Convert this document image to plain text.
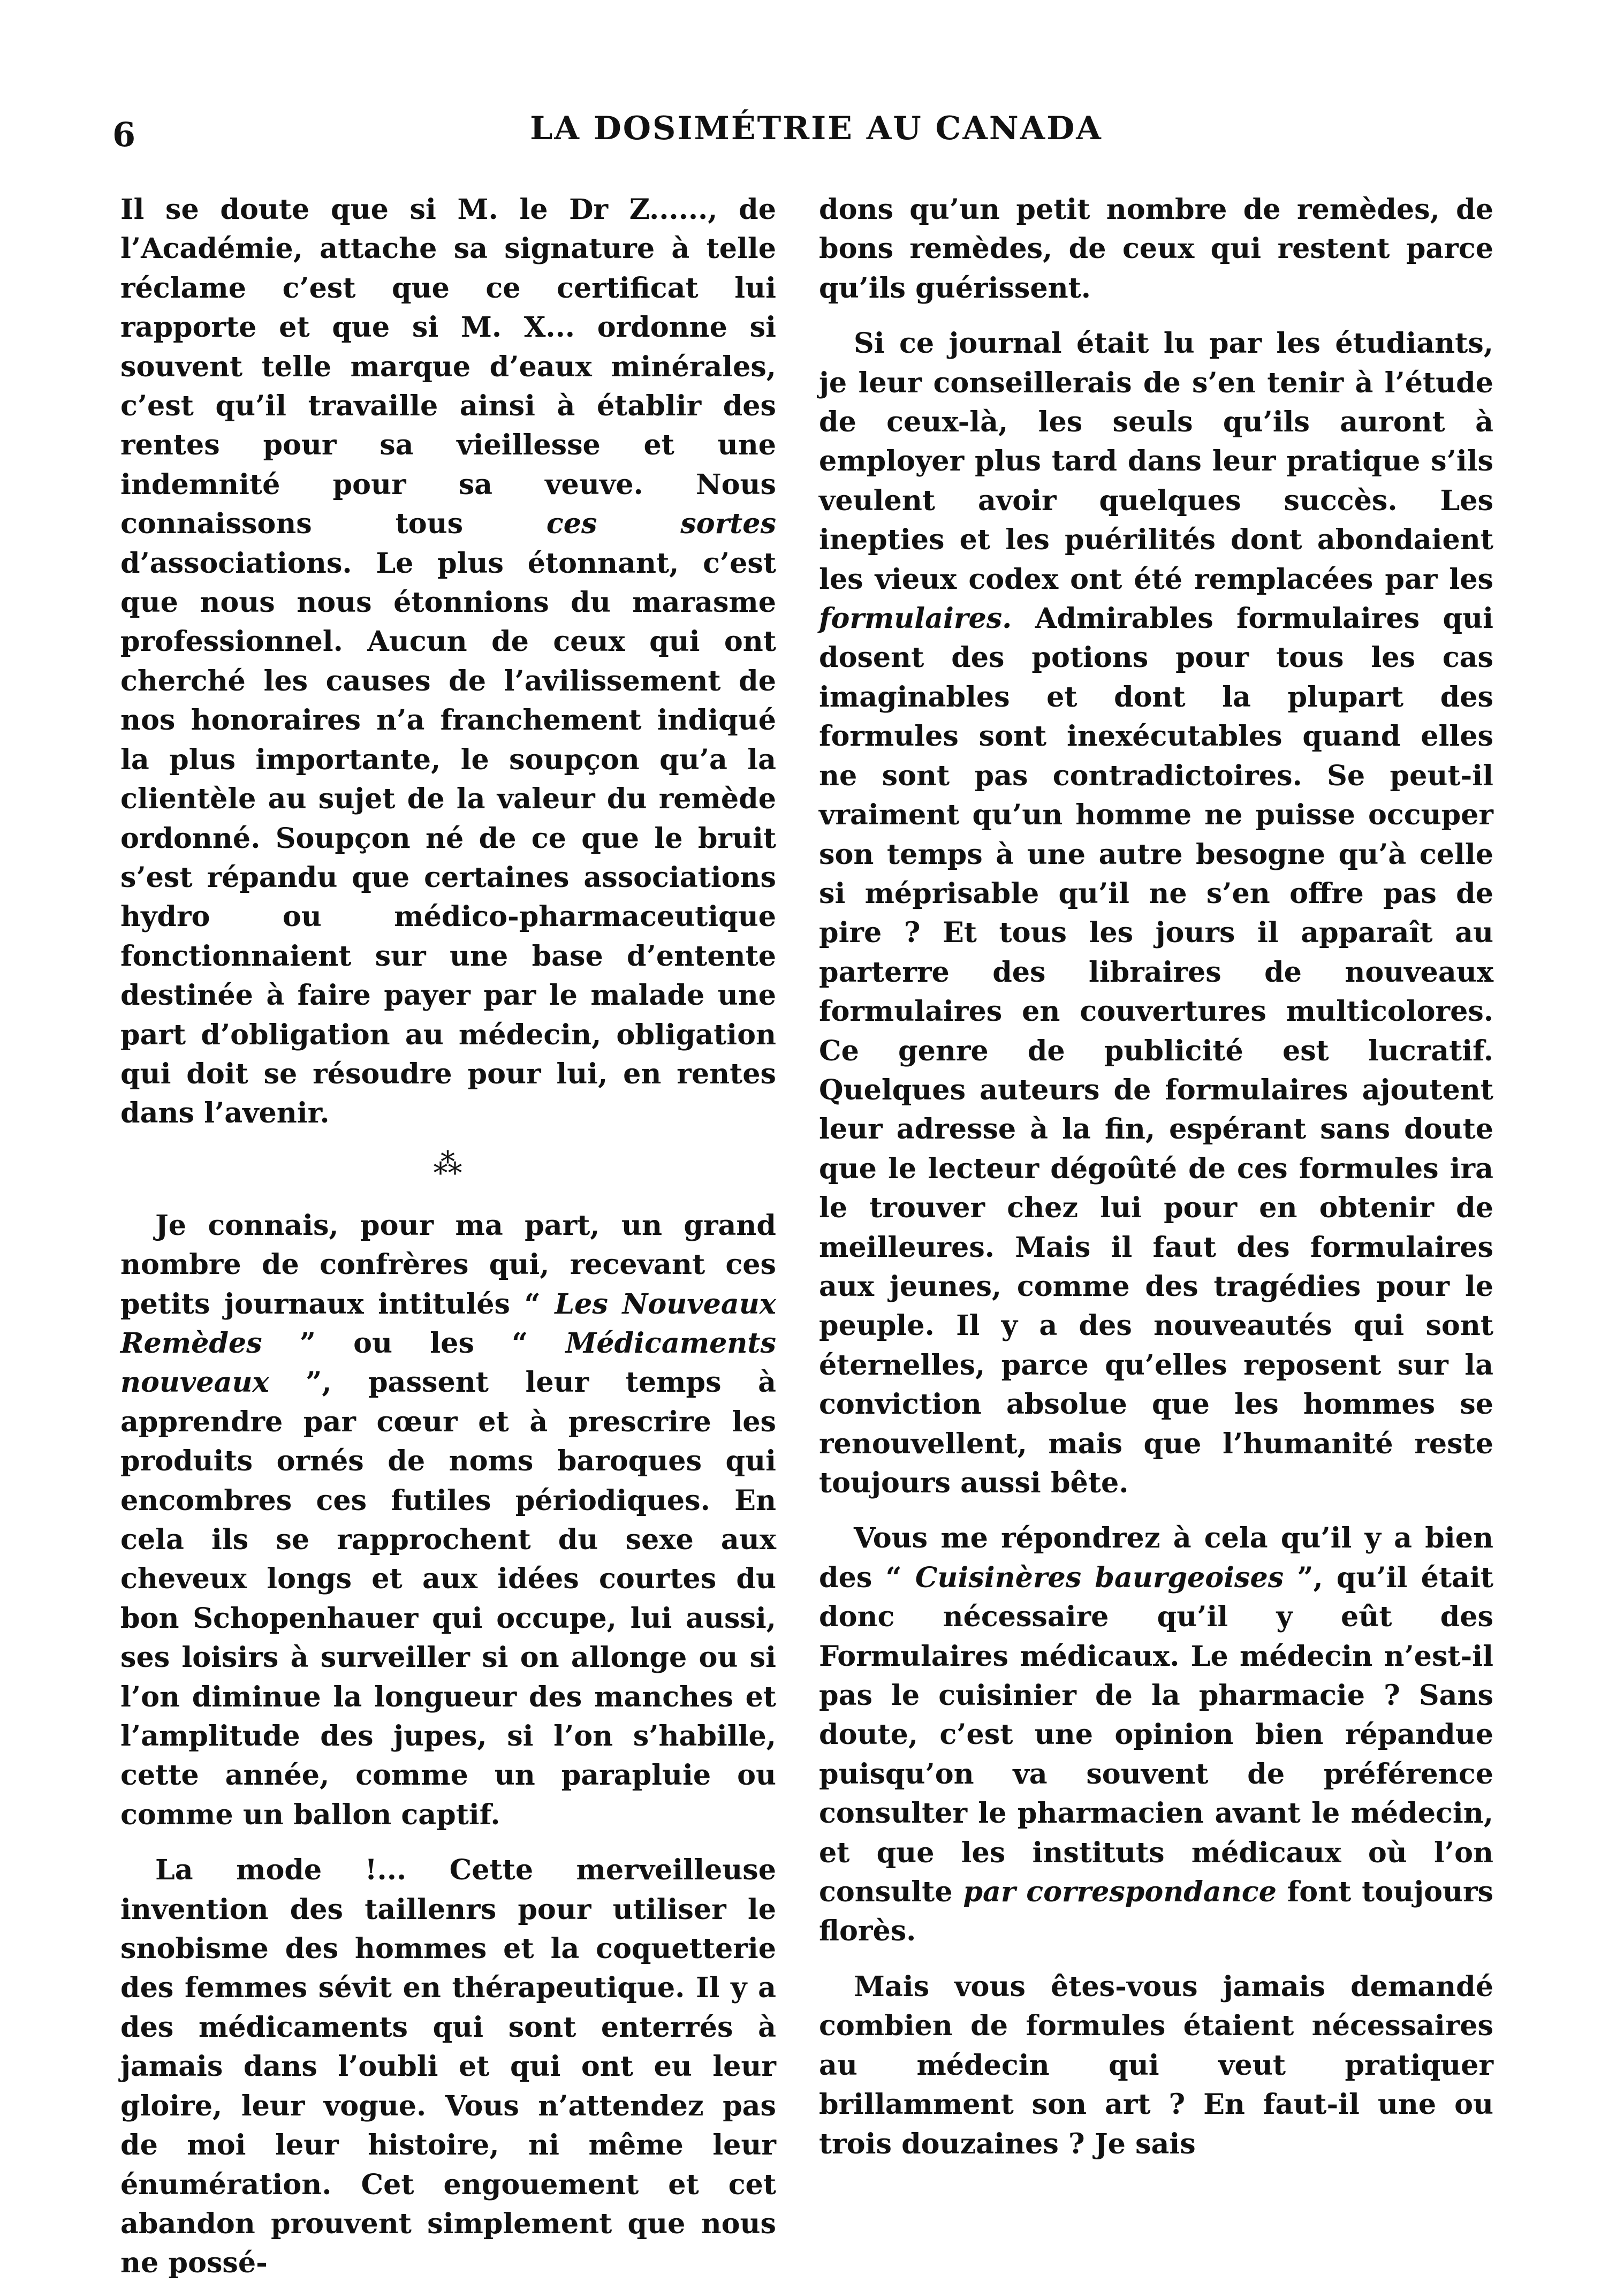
6	LA DOSIMÉTRIE AU CANADA

Il se doute que si M. le Dr Z......, de l’Académie, attache sa signature à telle réclame c’est que ce certificat lui rapporte et que si M. X... ordonne si souvent telle marque d’eaux minérales, c’est qu’il travaille ainsi à établir des rentes pour sa vieillesse et une indemnité pour sa veuve. Nous connaissons tous ces sortes d’associations. Le plus étonnant, c’est que nous nous étonnions du marasme professionnel. Aucun de ceux qui ont cherché les causes de l’avilissement de nos honoraires n’a franchement indiqué la plus importante, le soupçon qu’a la clientèle au sujet de la valeur du remède ordonné. Soupçon né de ce que le bruit s’est répandu que certaines associations hydro ou médico-pharmaceutique fonctionnaient sur une base d’entente destinée à faire payer par le malade une part d’obligation au médecin, obligation qui doit se résoudre pour lui, en rentes dans l’avenir.

⁂

Je connais, pour ma part, un grand nombre de confrères qui, recevant ces petits journaux intitulés “ Les Nouveaux Remèdes ” ou les “ Médicaments nouveaux ”, passent leur temps à apprendre par cœur et à prescrire les produits ornés de noms baroques qui encombres ces futiles périodiques. En cela ils se rapprochent du sexe aux cheveux longs et aux idées courtes du bon Schopenhauer qui occupe, lui aussi, ses loisirs à surveiller si on allonge ou si l’on diminue la longueur des manches et l’amplitude des jupes, si l’on s’habille, cette année, comme un parapluie ou comme un ballon captif.

La mode !... Cette merveilleuse invention des taillenrs pour utiliser le snobisme des hommes et la coquetterie des femmes sévit en thérapeutique. Il y a des médicaments qui sont enterrés à jamais dans l’oubli et qui ont eu leur gloire, leur vogue. Vous n’attendez pas de moi leur histoire, ni même leur énumération. Cet engouement et cet abandon prouvent simplement que nous ne possé-

dons qu’un petit nombre de remèdes, de bons remèdes, de ceux qui restent parce qu’ils guérissent.

Si ce journal était lu par les étudiants, je leur conseillerais de s’en tenir à l’étude de ceux-là, les seuls qu’ils auront à employer plus tard dans leur pratique s’ils veulent avoir quelques succès. Les inepties et les puérilités dont abondaient les vieux codex ont été remplacées par les formulaires. Admirables formulaires qui dosent des potions pour tous les cas imaginables et dont la plupart des formules sont inexécutables quand elles ne sont pas contradictoires. Se peut-il vraiment qu’un homme ne puisse occuper son temps à une autre besogne qu’à celle si méprisable qu’il ne s’en offre pas de pire ? Et tous les jours il apparaît au parterre des libraires de nouveaux formulaires en couvertures multicolores. Ce genre de publicité est lucratif. Quelques auteurs de formulaires ajoutent leur adresse à la fin, espérant sans doute que le lecteur dégoûté de ces formules ira le trouver chez lui pour en obtenir de meilleures. Mais il faut des formulaires aux jeunes, comme des tragédies pour le peuple. Il y a des nouveautés qui sont éternelles, parce qu’elles reposent sur la conviction absolue que les hommes se renouvellent, mais que l’humanité reste toujours aussi bête.

Vous me répondrez à cela qu’il y a bien des “ Cuisinères baurgeoises ”, qu’il était donc nécessaire qu’il y eût des Formulaires médicaux. Le médecin n’est-il pas le cuisinier de la pharmacie ? Sans doute, c’est une opinion bien répandue puisqu’on va souvent de préférence consulter le pharmacien avant le médecin, et que les instituts médicaux où l’on consulte par correspondance font toujours florès.

Mais vous êtes-vous jamais demandé combien de formules étaient nécessaires au médecin qui veut pratiquer brillamment son art ? En faut-il une ou trois douzaines ? Je sais
